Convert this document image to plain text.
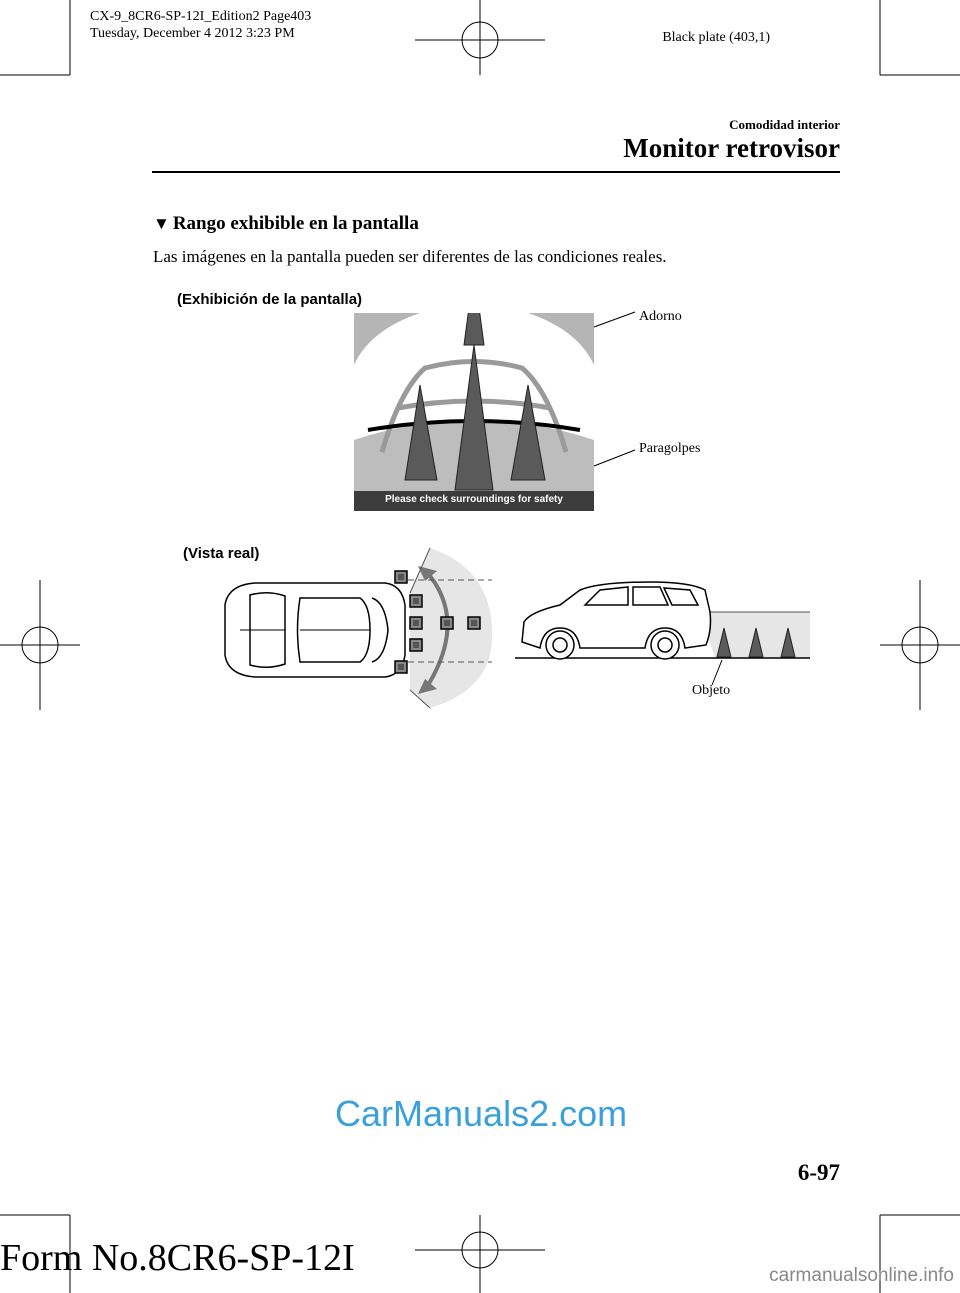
CX-9_8CR6-SP-12I_Edition2 Page403
Tuesday, December 4 2012 3:23 PM	Black plate (403,1)
Comodidad interior
Monitor retrovisor
▼ Rango exhibible en la pantalla
Las imágenes en la pantalla pueden ser diferentes de las condiciones reales.
(Exhibición de la pantalla)
Please check surroundings for safety
Adorno
Paragolpes
(Vista real)
Objeto
CarManuals2.com
6-97
Form No.8CR6-SP-12I	carmanualsonline.info
